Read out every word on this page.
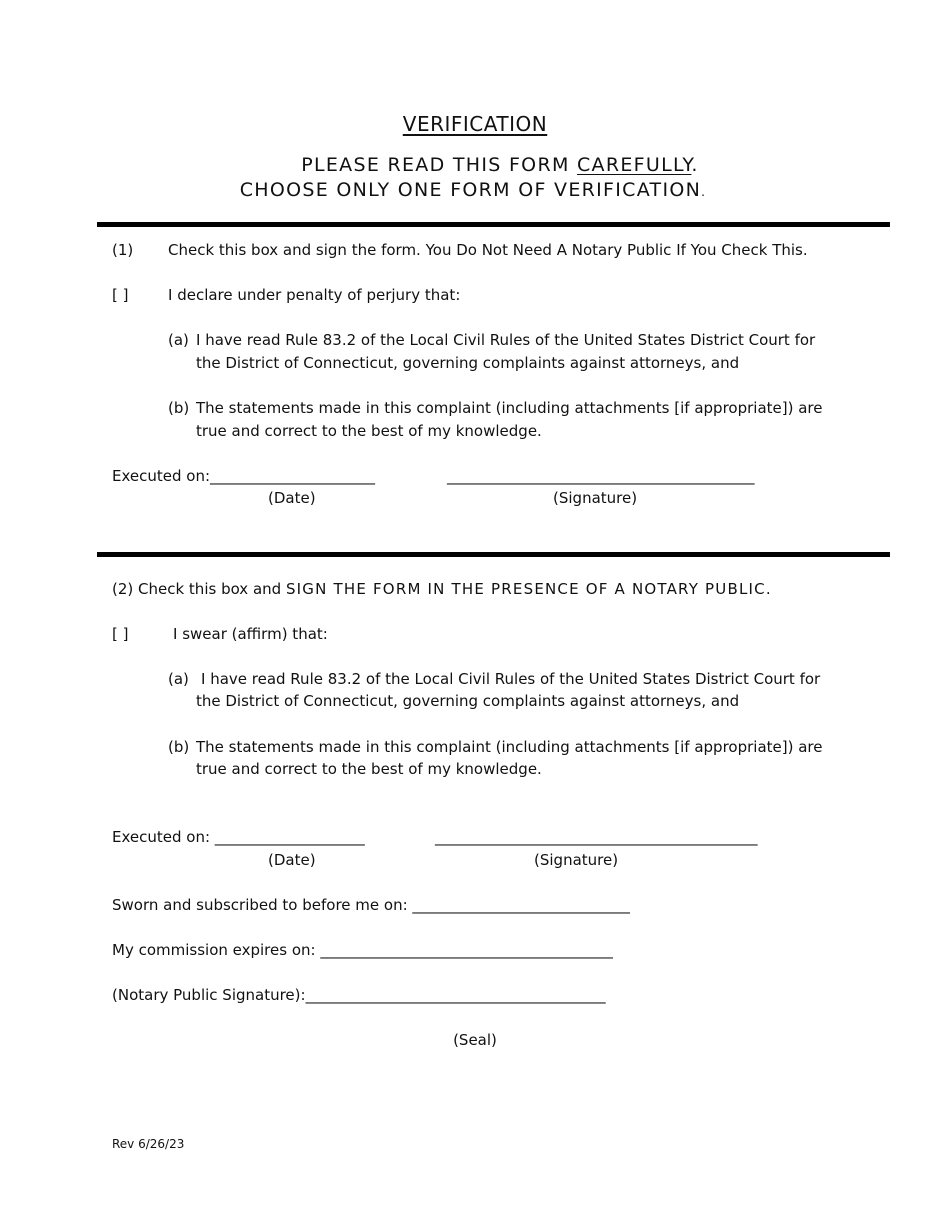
VERIFICATION
PLEASE READ THIS FORM CAREFULLY.
CHOOSE ONLY ONE FORM OF VERIFICATION.
(1) Check this box and sign the form. You Do Not Need A Notary Public If You Check This.
[ ]	I declare under penalty of perjury that:
(a) I have read Rule 83.2 of the Local Civil Rules of the United States District Court for
the District of Connecticut, governing complaints against attorneys, and
(b) The statements made in this complaint (including attachments [if appropriate]) are
true and correct to the best of my knowledge.
Executed on:______________________	_________________________________________
(Date)	(Signature)
(2) Check this box and SIGN THE FORM IN THE PRESENCE OF A NOTARY PUBLIC.
[ ]	I swear (affirm) that:
(a) I have read Rule 83.2 of the Local Civil Rules of the United States District Court for
the District of Connecticut, governing complaints against attorneys, and
(b) The statements made in this complaint (including attachments [if appropriate]) are
true and correct to the best of my knowledge.
Executed on: ____________________	___________________________________________
(Date)	(Signature)
Sworn and subscribed to before me on: _____________________________
My commission expires on: _______________________________________
(Notary Public Signature):________________________________________
(Seal)
Rev 6/26/23
